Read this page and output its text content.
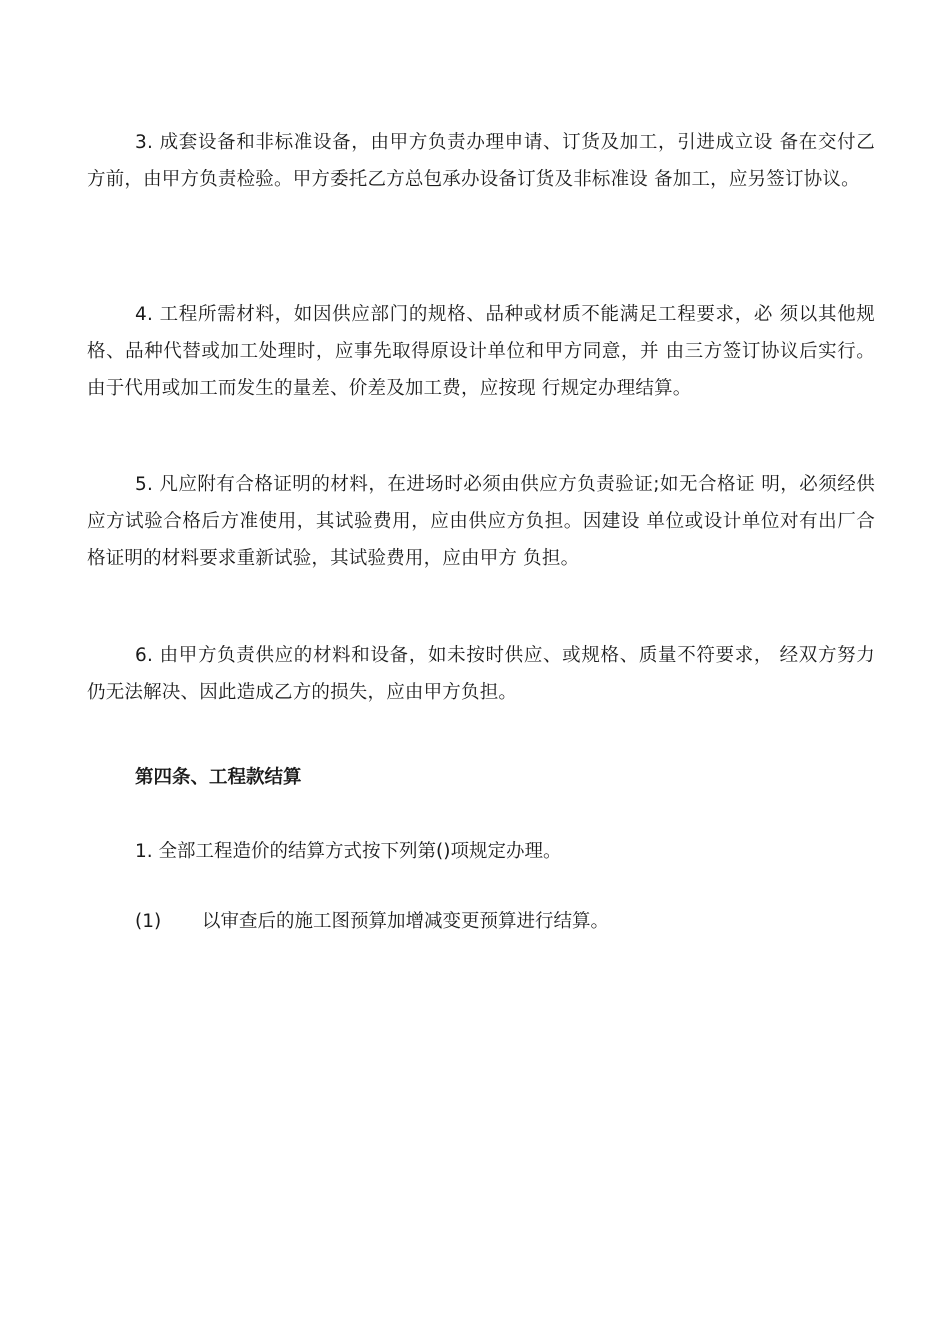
3. 成套设备和非标准设备，由甲方负责办理申请、订货及加工，引进成立设 备在交付乙方前，由甲方负责检验。甲方委托乙方总包承办设备订货及非标准设 备加工，应另签订协议。

4. 工程所需材料，如因供应部门的规格、品种或材质不能满足工程要求，必 须以其他规格、品种代替或加工处理时，应事先取得原设计单位和甲方同意，并 由三方签订协议后实行。由于代用或加工而发生的量差、价差及加工费，应按现 行规定办理结算。

5. 凡应附有合格证明的材料，在进场时必须由供应方负责验证;如无合格证 明，必须经供应方试验合格后方准使用，其试验费用，应由供应方负担。因建设 单位或设计单位对有出厂合格证明的材料要求重新试验，其试验费用，应由甲方 负担。

6. 由甲方负责供应的材料和设备，如未按时供应、或规格、质量不符要求， 经双方努力仍无法解决、因此造成乙方的损失，应由甲方负担。

第四条、工程款结算

1. 全部工程造价的结算方式按下列第()项规定办理。

(1)	以审查后的施工图预算加增减变更预算进行结算。
